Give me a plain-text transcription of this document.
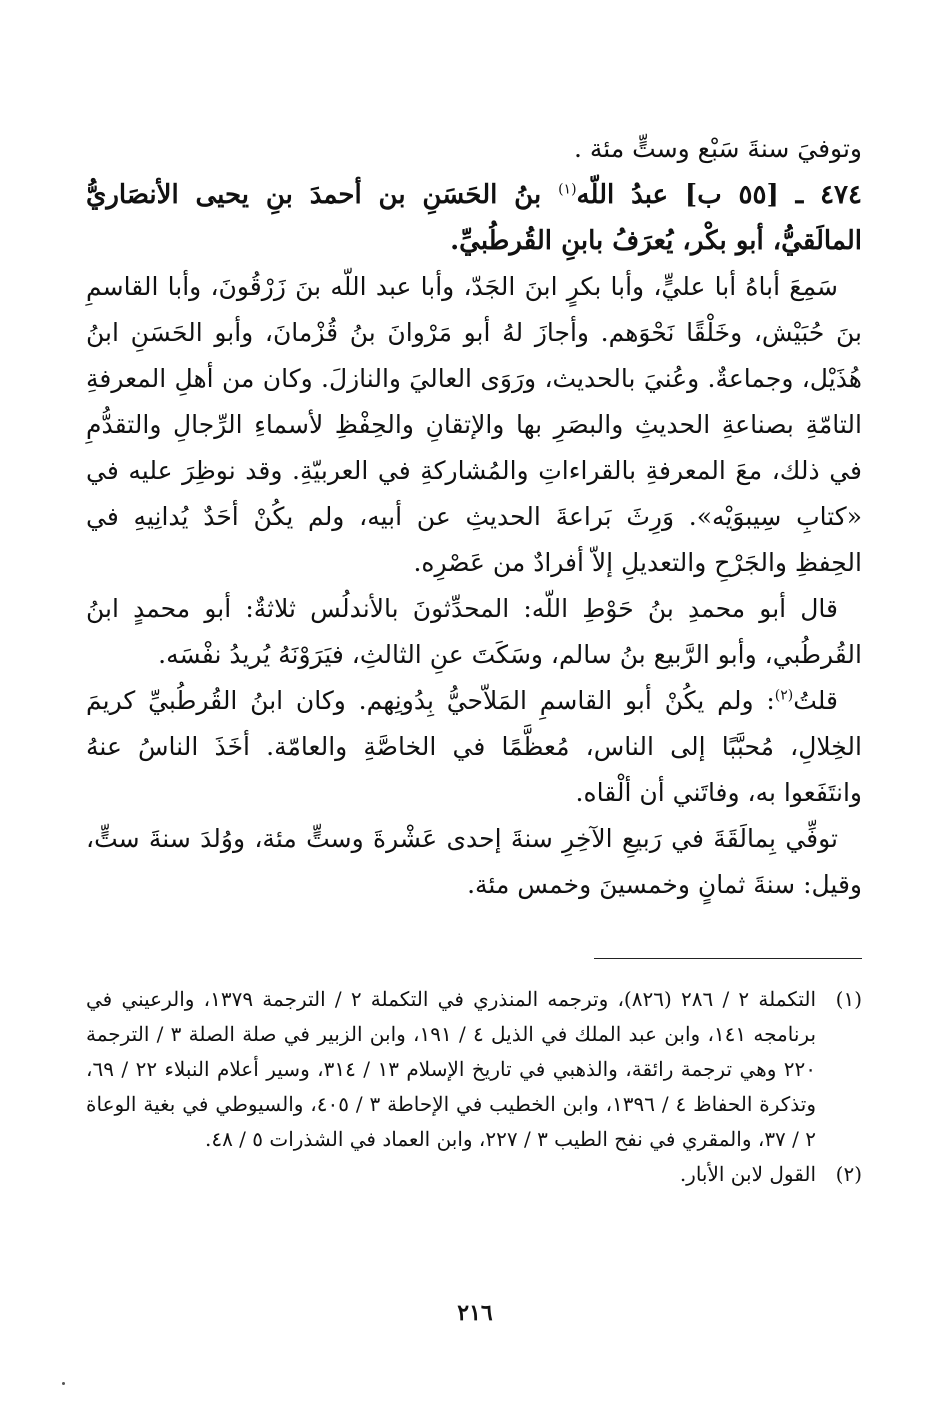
وتوفيَ سنةَ سَبْع وستٍّ مئة .

٤٧٤ ـ [٥٥ ب] عبدُ اللّه$^{(١)}$ بنُ الحَسَنِ بن أحمدَ بنِ يحيى الأنصَاريُّ المالَقيُّ، أبو بكْر، يُعرَفُ بابنِ القُرطُبيِّ.

سَمِعَ أباهُ أبا عليٍّ، وأبا بكرٍ ابنَ الجَدّ، وأبا عبد اللّه بنَ زَرْقُونَ، وأبا القاسمِ بنَ حُبَيْش، وخَلْقًا نَحْوَهم. وأجازَ لهُ أبو مَرْوانَ بنُ قُزْمانَ، وأبو الحَسَنِ ابنُ هُذَيْل، وجماعةٌ. وعُنيَ بالحديث، ورَوَى العاليَ والنازلَ. وكان من أهلِ المعرفةِ التامّةِ بصناعةِ الحديثِ والبصَرِ بها والإتقانِ والحِفْظِ لأسماءِ الرِّجالِ والتقدُّمِ في ذلك، معَ المعرفةِ بالقراءاتِ والمُشاركةِ في العربيّةِ. وقد نوظِرَ عليه في «كتابِ سِيبوَيْه». وَرِثَ بَراعةَ الحديثِ عن أبيه، ولم يكُنْ أحَدٌ يُدانِيهِ في الحِفظِ والجَرْحِ والتعديلِ إلاّ أفرادٌ من عَصْرِه.

قال أبو محمدِ بنُ حَوْطِ اللّه: المحدِّثونَ بالأندلُس ثلاثةٌ: أبو محمدٍ ابنُ القُرطُبي، وأبو الرَّبيع بنُ سالم، وسَكَتَ عنِ الثالثِ، فيَرَوْنَهُ يُريدُ نفْسَه.

قلتُ$^{(٢)}$: ولم يكُنْ أبو القاسمِ المَلاّحيُّ بِدُونِهم. وكان ابنُ القُرطُبيِّ كريمَ الخِلالِ، مُحبَّبًا إلى الناس، مُعظَّمًا في الخاصَّةِ والعامّة. أخَذَ الناسُ عنهُ وانتَفَعوا به، وفاتَني أن ألْقاه.

توفِّي بِمالَقَةَ في رَبيعِ الآخِرِ سنةَ إحدى عَشْرةَ وستٍّ مئة، ووُلدَ سنةَ ستٍّ، وقيل: سنةَ ثمانٍ وخمسينَ وخمس مئة.

(١)
التكملة ٢ / ٢٨٦ (٨٢٦)، وترجمه المنذري في التكملة ٢ / الترجمة ١٣٧٩، والرعيني في برنامجه ١٤١، وابن عبد الملك في الذيل ٤ / ١٩١، وابن الزبير في صلة الصلة ٣ / الترجمة ٢٢٠ وهي ترجمة رائقة، والذهبي في تاريخ الإسلام ١٣ / ٣١٤، وسير أعلام النبلاء ٢٢ / ٦٩، وتذكرة الحفاظ ٤ / ١٣٩٦، وابن الخطيب في الإحاطة ٣ / ٤٠٥، والسيوطي في بغية الوعاة ٢ / ٣٧، والمقري في نفح الطيب ٣ / ٢٢٧، وابن العماد في الشذرات ٥ / ٤٨.
(٢)
القول لابن الأبار.
٢١٦
